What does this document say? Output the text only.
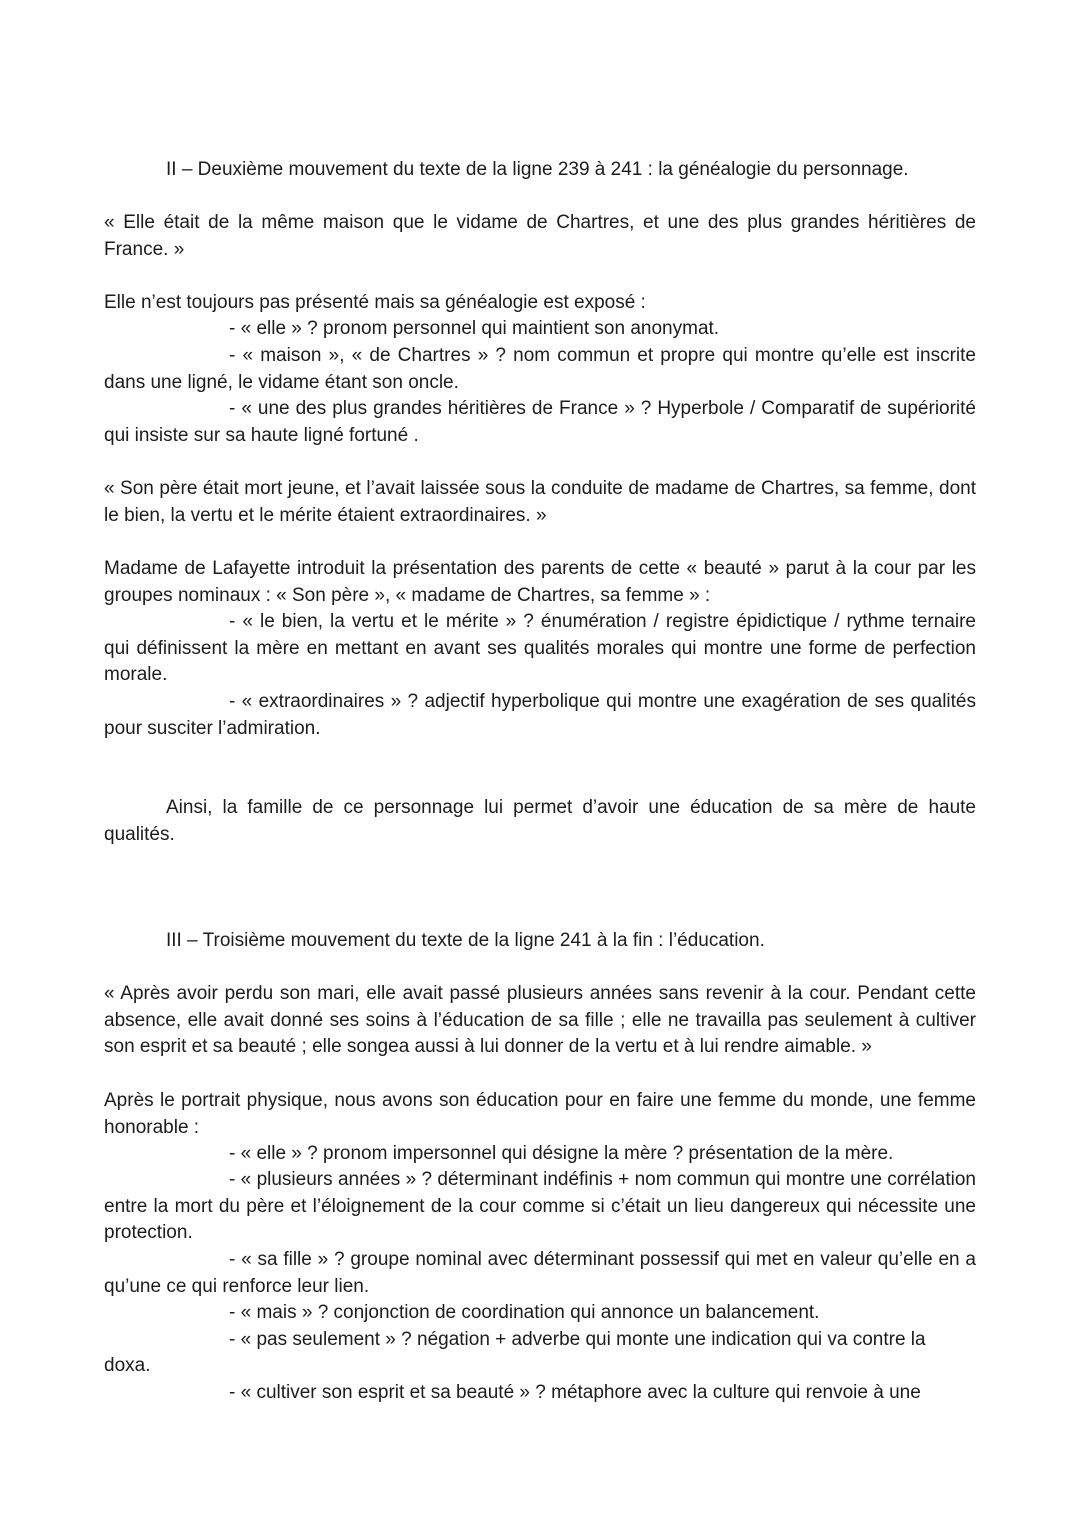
II – Deuxième mouvement du texte de la ligne 239 à 241 : la généalogie du personnage.

« Elle était de la même maison que le vidame de Chartres, et une des plus grandes héritières de France. »

Elle n’est toujours pas présenté mais sa généalogie est exposé :

- « elle » ? pronom personnel qui maintient son anonymat.

- « maison », « de Chartres » ? nom commun et propre qui montre qu’elle est inscrite dans une ligné, le vidame étant son oncle.

- « une des plus grandes héritières de France » ? Hyperbole / Comparatif de supériorité qui insiste sur sa haute ligné fortuné .

« Son père était mort jeune, et l’avait laissée sous la conduite de madame de Chartres, sa femme, dont le bien, la vertu et le mérite étaient extraordinaires. »

Madame de Lafayette introduit la présentation des parents de cette « beauté » parut à la cour par les groupes nominaux : « Son père », « madame de Chartres, sa femme » :

- « le bien, la vertu et le mérite » ? énumération / registre épidictique / rythme ternaire qui définissent la mère en mettant en avant ses qualités morales qui montre une forme de perfection morale.

- « extraordinaires » ? adjectif hyperbolique qui montre une exagération de ses qualités pour susciter l’admiration.

Ainsi, la famille de ce personnage lui permet d’avoir une éducation de sa mère de haute qualités.

III – Troisième mouvement du texte de la ligne 241 à la fin : l’éducation.

« Après avoir perdu son mari, elle avait passé plusieurs années sans revenir à la cour. Pendant cette absence, elle avait donné ses soins à l’éducation de sa fille ; elle ne travailla pas seulement à cultiver son esprit et sa beauté ; elle songea aussi à lui donner de la vertu et à lui rendre aimable. »

Après le portrait physique, nous avons son éducation pour en faire une femme du monde, une femme honorable :

- « elle » ? pronom impersonnel qui désigne la mère ? présentation de la mère.

- « plusieurs années » ? déterminant indéfinis + nom commun qui montre une corrélation entre la mort du père et l’éloignement de la cour comme si c’était un lieu dangereux qui nécessite une protection.

- « sa fille » ? groupe nominal avec déterminant possessif qui met en valeur qu’elle en a qu’une ce qui renforce leur lien.

- « mais » ? conjonction de coordination qui annonce un balancement.

- « pas seulement » ? négation + adverbe qui monte une indication qui va contre la

doxa.

- « cultiver son esprit et sa beauté » ? métaphore avec la culture qui renvoie à une
